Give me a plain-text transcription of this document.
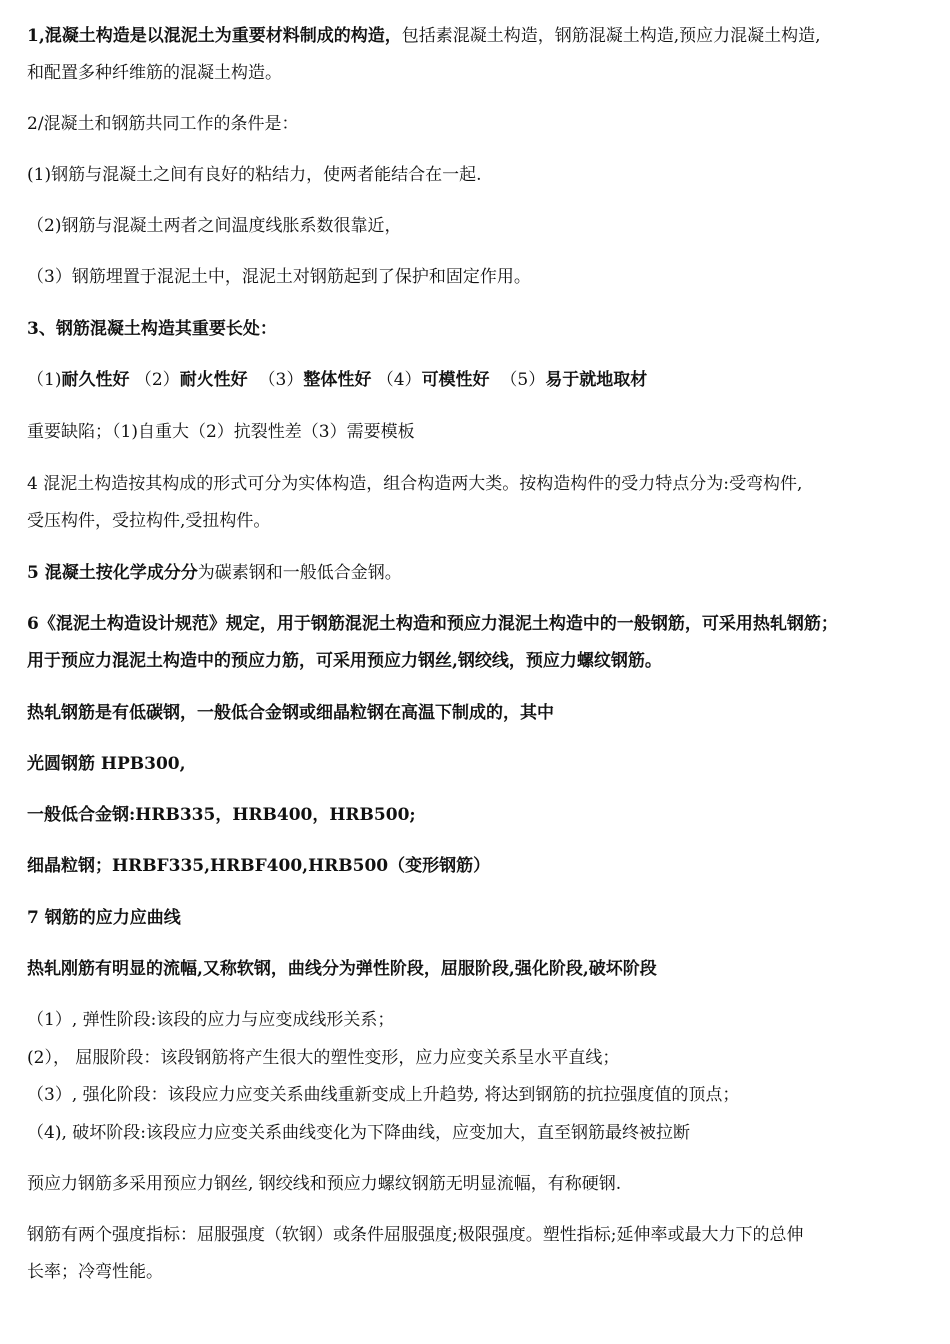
1,混凝土构造是以混泥土为重要材料制成的构造，包括素混凝土构造，钢筋混凝土构造,预应力混凝土构造,

和配置多种纤维筋的混凝土构造。

2/混凝土和钢筋共同工作的条件是：

(1)钢筋与混凝土之间有良好的粘结力，使两者能结合在一起.

（2)钢筋与混凝土两者之间温度线胀系数很靠近，

（3）钢筋埋置于混泥土中，混泥土对钢筋起到了保护和固定作用。

3、钢筋混凝土构造其重要长处：

（1)耐久性好 （2）耐火性好 （3）整体性好 （4）可模性好 （5）易于就地取材

重要缺陷；（1)自重大（2）抗裂性差（3）需要模板

4 混泥土构造按其构成的形式可分为实体构造，组合构造两大类。按构造构件的受力特点分为:受弯构件,

受压构件，受拉构件,受扭构件。

5 混凝土按化学成分分为碳素钢和一般低合金钢。

6《混泥土构造设计规范》规定，用于钢筋混泥土构造和预应力混泥土构造中的一般钢筋，可采用热轧钢筋；

用于预应力混泥土构造中的预应力筋，可采用预应力钢丝,钢绞线，预应力螺纹钢筋。

热轧钢筋是有低碳钢，一般低合金钢或细晶粒钢在高温下制成的，其中

光圆钢筋 HPB300,

一般低合金钢:HRB335，HRB400，HRB500;

细晶粒钢；HRBF335,HRBF400,HRB500（变形钢筋）

7 钢筋的应力应曲线

热轧刚筋有明显的流幅,又称软钢，曲线分为弹性阶段，屈服阶段,强化阶段,破坏阶段

（1）, 弹性阶段:该段的应力与应变成线形关系；

(2）， 屈服阶段：该段钢筋将产生很大的塑性变形，应力应变关系呈水平直线；

（3）, 强化阶段：该段应力应变关系曲线重新变成上升趋势, 将达到钢筋的抗拉强度值的顶点；

（4), 破坏阶段:该段应力应变关系曲线变化为下降曲线，应变加大，直至钢筋最终被拉断

预应力钢筋多采用预应力钢丝, 钢绞线和预应力螺纹钢筋无明显流幅，有称硬钢.

钢筋有两个强度指标：屈服强度（软钢）或条件屈服强度;极限强度。塑性指标;延伸率或最大力下的总伸

长率；冷弯性能。
